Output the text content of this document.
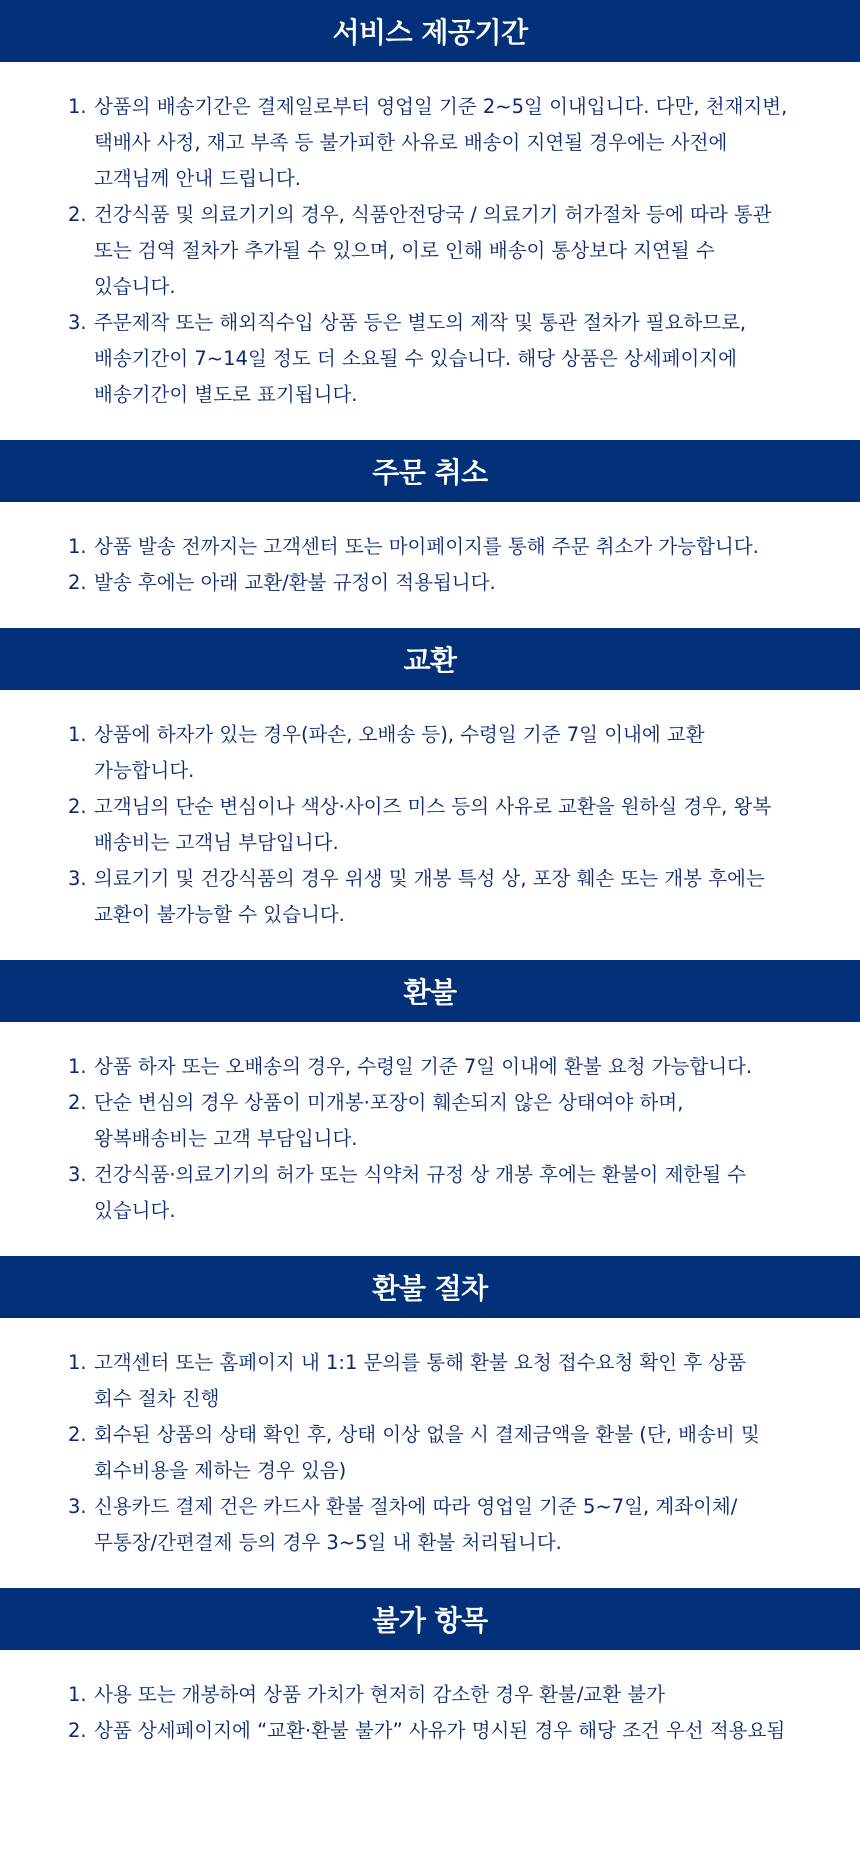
서비스 제공기간
1. 상품의 배송기간은 결제일로부터 영업일 기준 2~5일 이내입니다. 다만, 천재지변, 택배사 사정, 재고 부족 등 불가피한 사유로 배송이 지연될 경우에는 사전에 고객님께 안내 드립니다.
2. 건강식품 및 의료기기의 경우, 식품안전당국 / 의료기기 허가절차 등에 따라 통관 또는 검역 절차가 추가될 수 있으며, 이로 인해 배송이 통상보다 지연될 수 있습니다.
3. 주문제작 또는 해외직수입 상품 등은 별도의 제작 및 통관 절차가 필요하므로, 배송기간이 7~14일 정도 더 소요될 수 있습니다. 해당 상품은 상세페이지에 배송기간이 별도로 표기됩니다.
주문 취소
1. 상품 발송 전까지는 고객센터 또는 마이페이지를 통해 주문 취소가 가능합니다.
2. 발송 후에는 아래 교환/환불 규정이 적용됩니다.
교환
1. 상품에 하자가 있는 경우(파손, 오배송 등), 수령일 기준 7일 이내에 교환 가능합니다.
2. 고객님의 단순 변심이나 색상·사이즈 미스 등의 사유로 교환을 원하실 경우, 왕복 배송비는 고객님 부담입니다.
3. 의료기기 및 건강식품의 경우 위생 및 개봉 특성 상, 포장 훼손 또는 개봉 후에는 교환이 불가능할 수 있습니다.
환불
1. 상품 하자 또는 오배송의 경우, 수령일 기준 7일 이내에 환불 요청 가능합니다.
2. 단순 변심의 경우 상품이 미개봉·포장이 훼손되지 않은 상태여야 하며, 왕복배송비는 고객 부담입니다.
3. 건강식품·의료기기의 허가 또는 식약처 규정 상 개봉 후에는 환불이 제한될 수 있습니다.
환불 절차
1. 고객센터 또는 홈페이지 내 1:1 문의를 통해 환불 요청 접수요청 확인 후 상품 회수 절차 진행
2. 회수된 상품의 상태 확인 후, 상태 이상 없을 시 결제금액을 환불 (단, 배송비 및 회수비용을 제하는 경우 있음)
3. 신용카드 결제 건은 카드사 환불 절차에 따라 영업일 기준 5~7일, 계좌이체/무통장/간편결제 등의 경우 3~5일 내 환불 처리됩니다.
불가 항목
1. 사용 또는 개봉하여 상품 가치가 현저히 감소한 경우 환불/교환 불가
2. 상품 상세페이지에 “교환·환불 불가” 사유가 명시된 경우 해당 조건 우선 적용요됨
